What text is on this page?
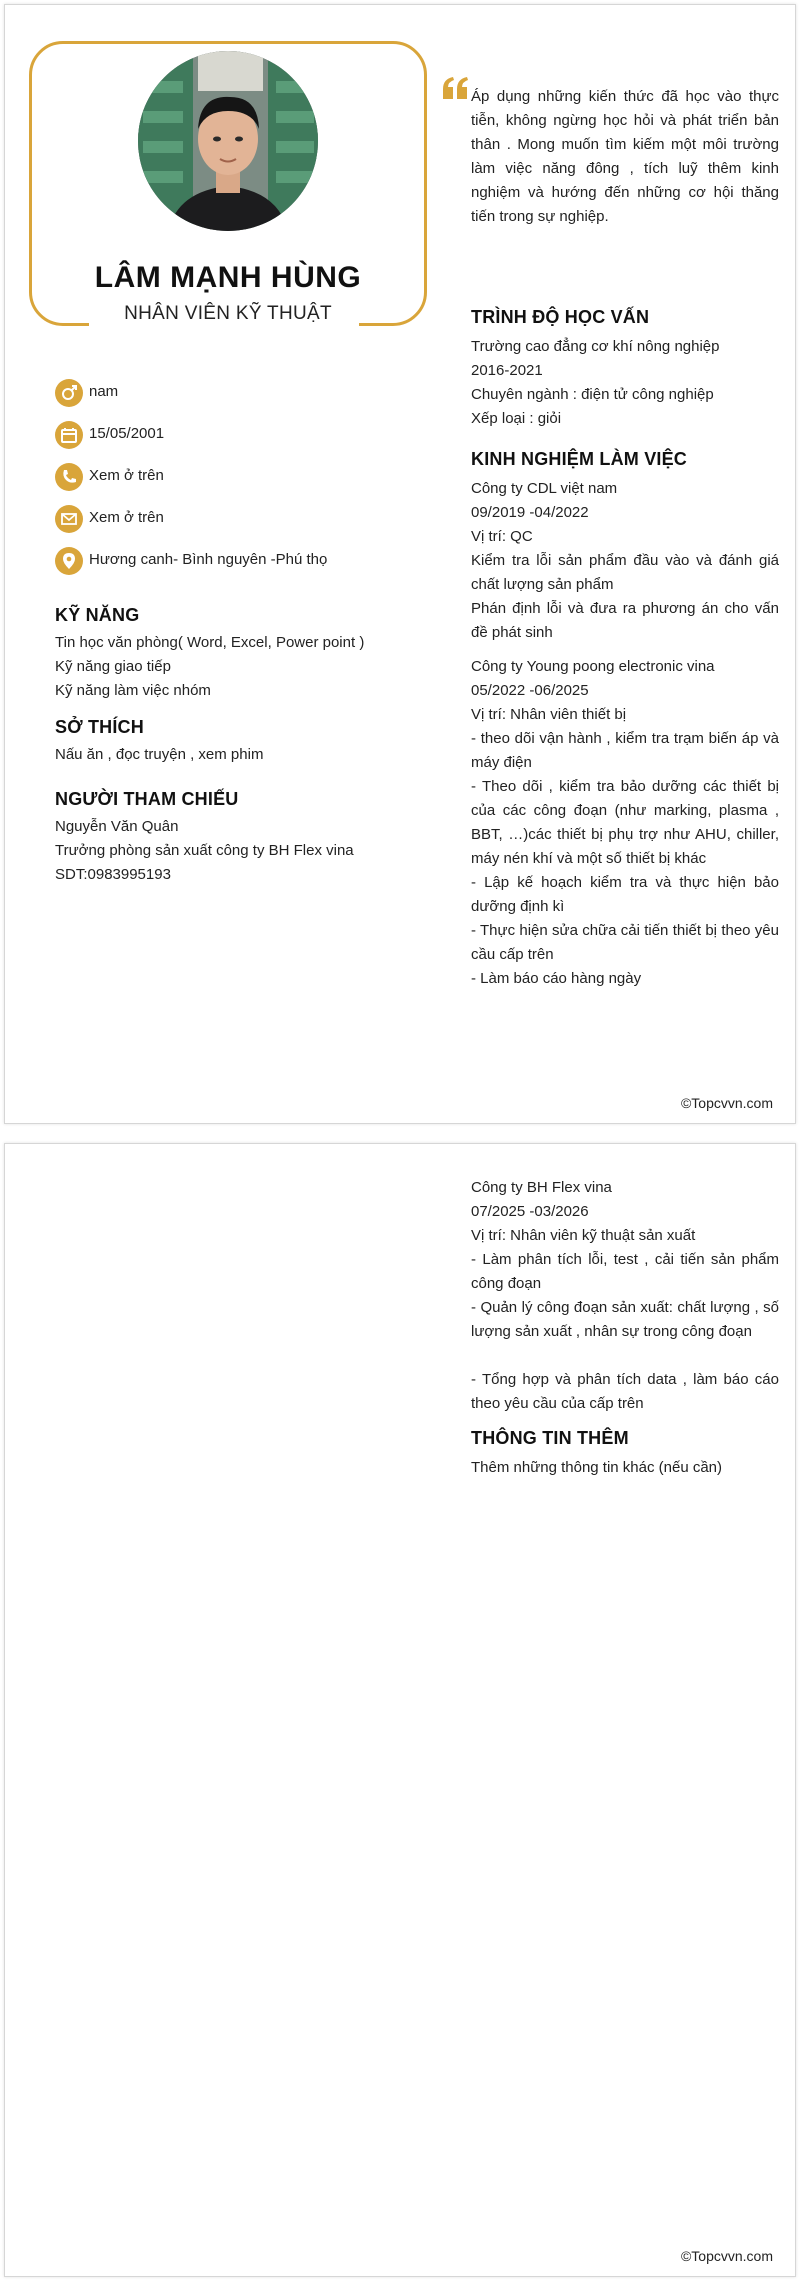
LÂM MẠNH HÙNG
NHÂN VIÊN KỸ THUẬT
Áp dụng những kiến thức đã học vào thực tiễn, không ngừng học hỏi và phát triển bản thân . Mong muốn tìm kiếm một môi trường làm việc năng đông , tích luỹ thêm kinh nghiệm và hướng đến những cơ hội thăng tiến trong sự nghiệp.
nam
15/05/2001
Xem ở trên
Xem ở trên
Hương canh- Bình nguyên -Phú thọ
KỸ NĂNG
Tin học văn phòng( Word, Excel, Power point )
Kỹ năng giao tiếp
Kỹ năng làm việc nhóm
SỞ THÍCH
Nấu ăn , đọc truyện , xem phim
NGƯỜI THAM CHIẾU
Nguyễn Văn Quân
Trưởng phòng sản xuất công ty BH Flex vina
SDT:0983995193
TRÌNH ĐỘ HỌC VẤN
Trường cao đẳng cơ khí nông nghiệp
2016-2021
Chuyên ngành : điện tử công nghiệp
Xếp loại : giỏi
KINH NGHIỆM LÀM VIỆC
Công ty CDL việt nam
09/2019 -04/2022
Vị trí: QC
Kiểm tra lỗi sản phẩm đầu vào và đánh giá chất lượng sản phẩm
Phán định lỗi và đưa ra phương án cho vấn đề phát sinh
Công ty Young poong electronic vina
05/2022 -06/2025
Vị trí: Nhân viên thiết bị
- theo dõi vận hành , kiểm tra trạm biến áp và máy điện
- Theo dõi , kiểm tra bảo dưỡng các thiết bị của các công đoạn (như marking, plasma , BBT, …)các thiết bị phụ trợ như AHU, chiller, máy nén khí và một số thiết bị khác
- Lập kế hoạch kiểm tra và thực hiện bảo dưỡng định kì
- Thực hiện sửa chữa cải tiến thiết bị theo yêu cầu cấp trên
- Làm báo cáo hàng ngày
©Topcvvn.com
Công ty BH Flex vina
07/2025 -03/2026
Vị trí: Nhân viên kỹ thuật sản xuất
- Làm phân tích lỗi, test , cải tiến sản phẩm công đoạn
- Quản lý công đoạn sản xuất: chất lượng , số lượng sản xuất , nhân sự trong công đoạn
- Tổng hợp và phân tích data , làm báo cáo theo yêu cầu của cấp trên
THÔNG TIN THÊM
Thêm những thông tin khác (nếu cần)
©Topcvvn.com
